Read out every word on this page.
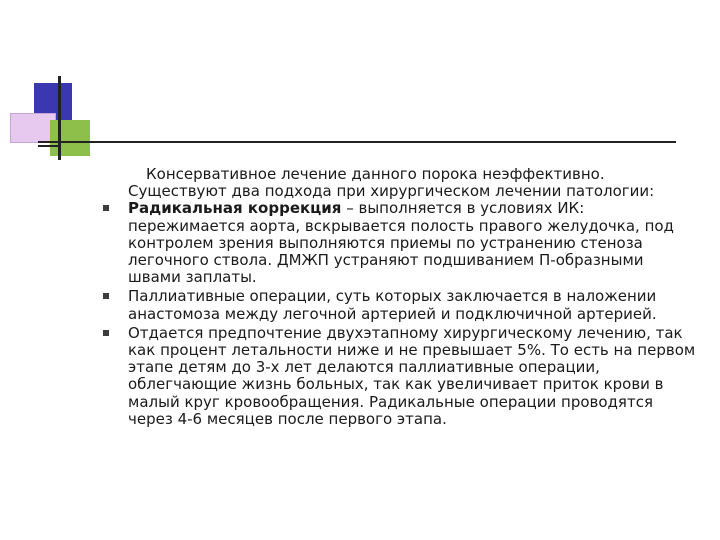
Консервативное лечение данного порока неэффективно.

Существуют два подхода при хирургическом лечении патологии:

Радикальная коррекция – выполняется в условиях ИК: пережимается аорта, вскрывается полость правого желудочка, под контролем зрения выполняются приемы по устранению стеноза легочного ствола. ДМЖП устраняют подшиванием П-образными швами заплаты.
Паллиативные операции, суть которых заключается в наложении анастомоза между легочной артерией и подключичной артерией.
Отдается предпочтение двухэтапному хирургическому лечению, так как процент летальности ниже и не превышает 5%. То есть на первом этапе детям до 3-х лет делаются паллиативные операции, облегчающие жизнь больных, так как увеличивает приток крови в малый круг кровообращения. Радикальные операции проводятся через 4-6 месяцев после первого этапа.
